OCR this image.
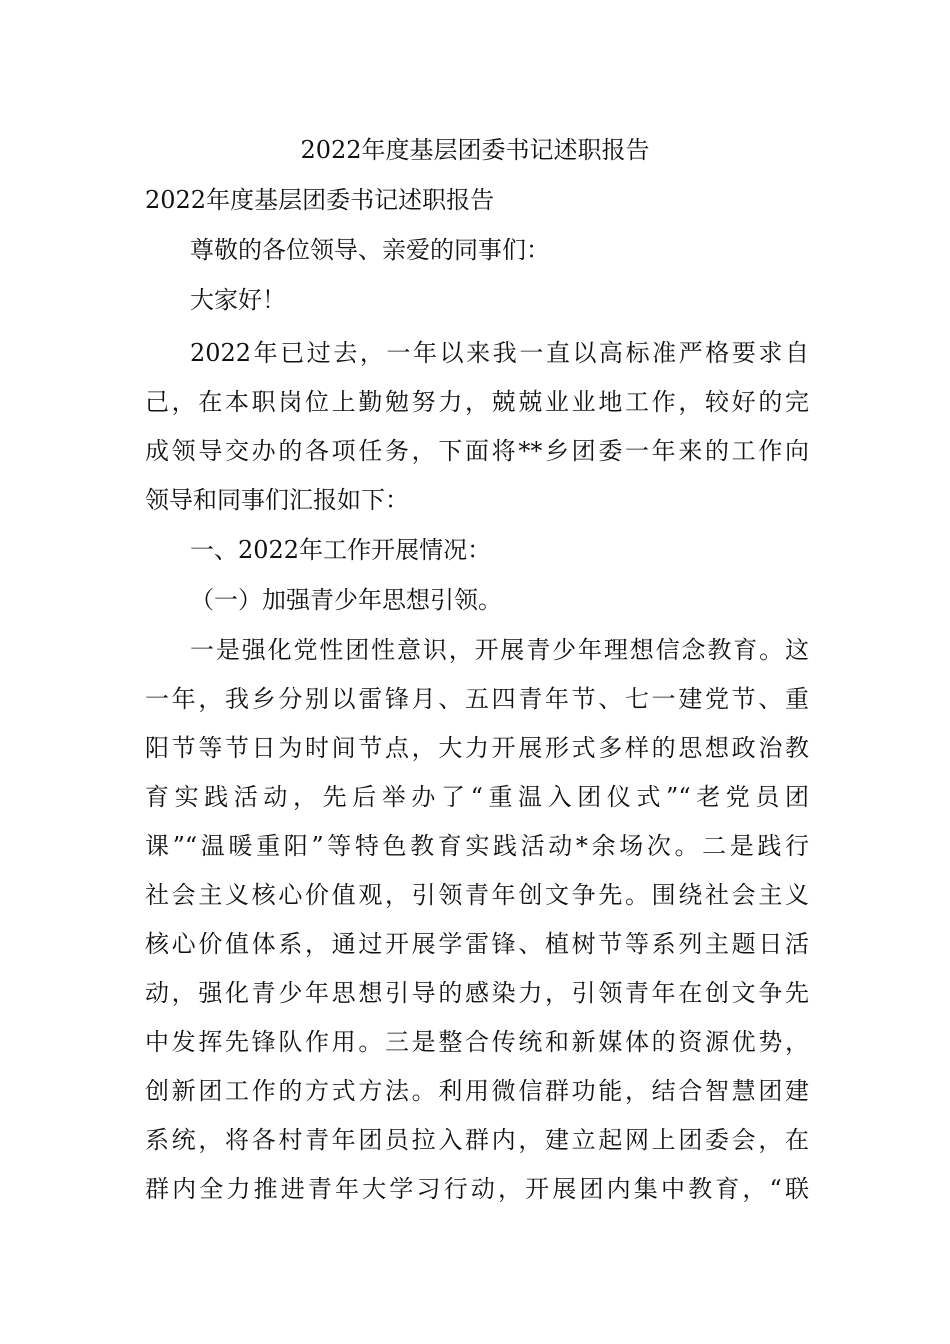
2022年度基层团委书记述职报告
2022年度基层团委书记述职报告
尊敬的各位领导、亲爱的同事们：
大家好！
2022年已过去，一年以来我一直以高标准严格要求自
己，在本职岗位上勤勉努力，兢兢业业地工作，较好的完
成领导交办的各项任务，下面将**乡团委一年来的工作向
领导和同事们汇报如下：
一、2022年工作开展情况：
（一）加强青少年思想引领。
一是强化党性团性意识，开展青少年理想信念教育。这
一年，我乡分别以雷锋月、五四青年节、七一建党节、重
阳节等节日为时间节点，大力开展形式多样的思想政治教
育实践活动，先后举办了“重温入团仪式”“老党员团
课”“温暖重阳”等特色教育实践活动*余场次。二是践行
社会主义核心价值观，引领青年创文争先。围绕社会主义
核心价值体系，通过开展学雷锋、植树节等系列主题日活
动，强化青少年思想引导的感染力，引领青年在创文争先
中发挥先锋队作用。三是整合传统和新媒体的资源优势，
创新团工作的方式方法。利用微信群功能，结合智慧团建
系统，将各村青年团员拉入群内，建立起网上团委会，在
群内全力推进青年大学习行动，开展团内集中教育，“联
